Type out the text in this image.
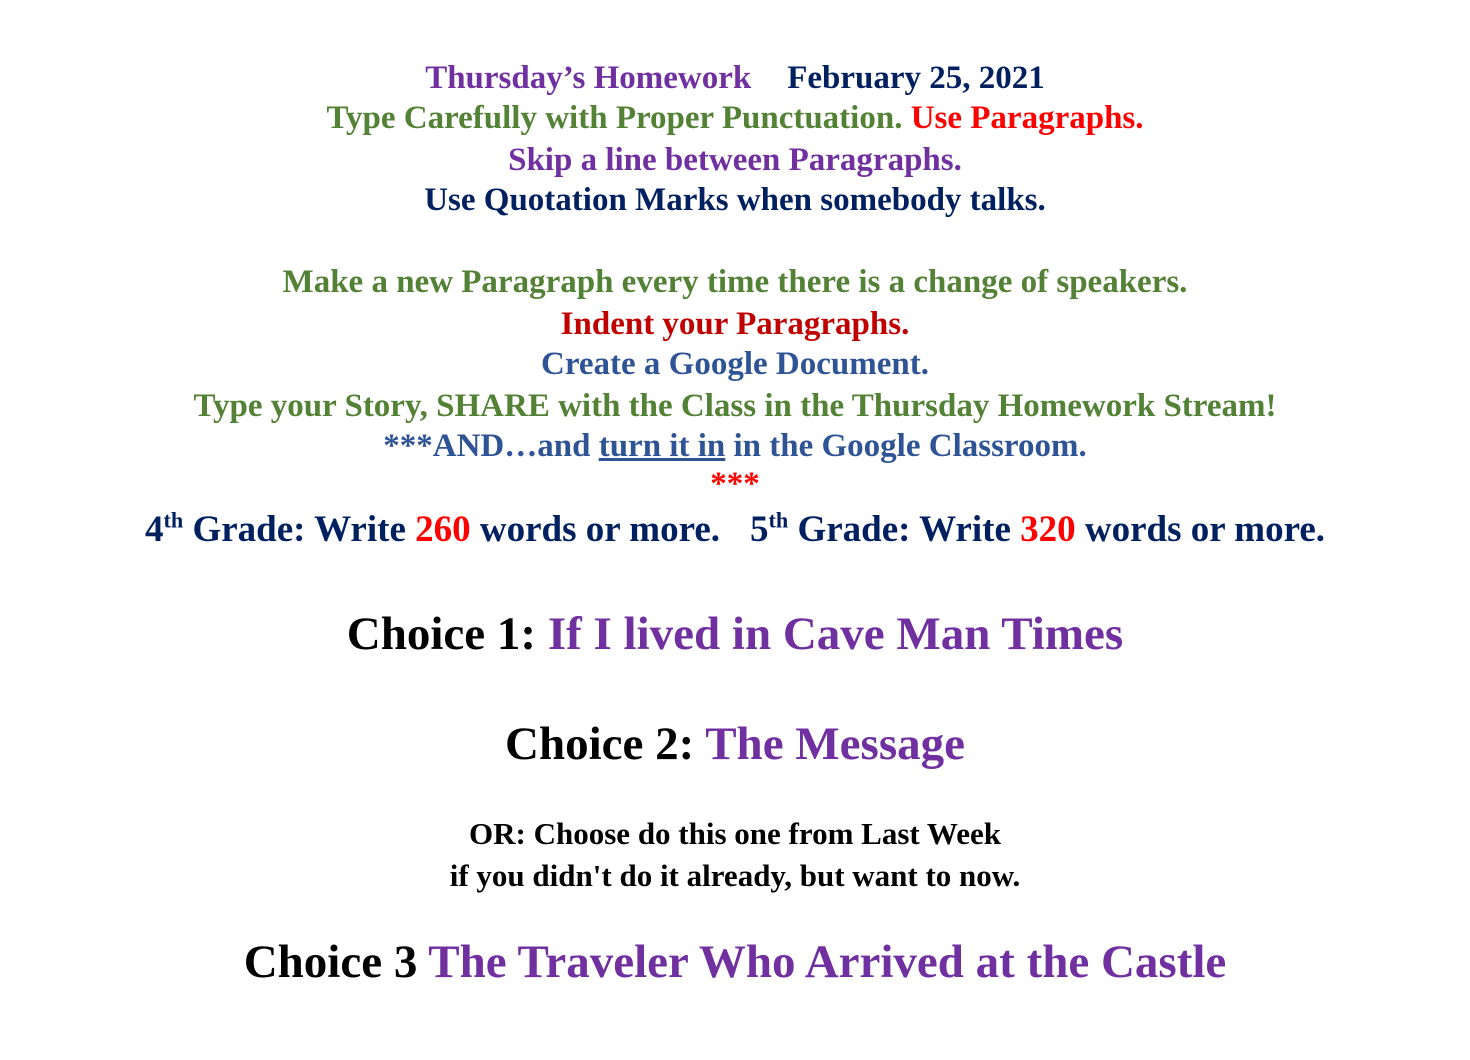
Thursday’s Homework February 25, 2021
Type Carefully with Proper Punctuation. Use Paragraphs.
Skip a line between Paragraphs.
Use Quotation Marks when somebody talks.
Make a new Paragraph every time there is a change of speakers.
Indent your Paragraphs.
Create a Google Document.
Type your Story, SHARE with the Class in the Thursday Homework Stream!
***AND…and turn it in in the Google Classroom.
***
4th Grade: Write 260 words or more. 5th Grade: Write 320 words or more.
Choice 1: If I lived in Cave Man Times
Choice 2: The Message
OR: Choose do this one from Last Week
if you didn't do it already, but want to now.
Choice 3 The Traveler Who Arrived at the Castle
